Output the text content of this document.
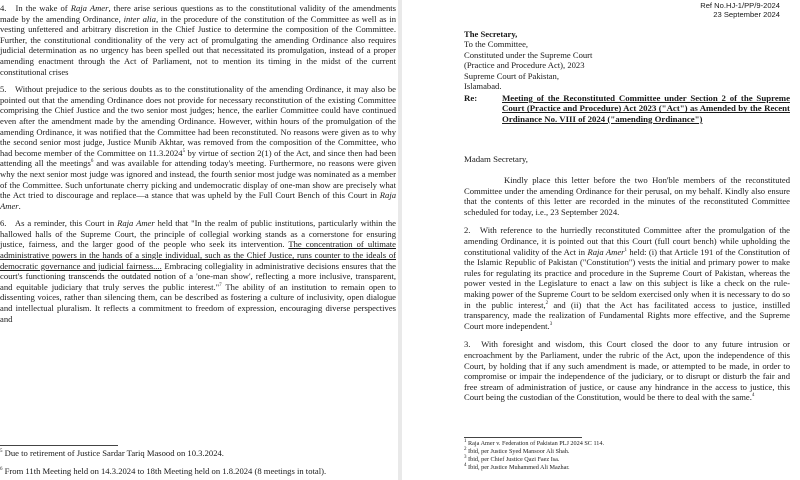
4. In the wake of Raja Amer, there arise serious questions as to the constitutional validity of the amendments made by the amending Ordinance, inter alia, in the procedure of the constitution of the Committee as well as in vesting unfettered and arbitrary discretion in the Chief Justice to determine the composition of the Committee. Further, the constitutional conditionality of the very act of promulgating the amending Ordinance also requires judicial determination as no urgency has been spelled out that necessitated its promulgation, instead of a proper amending enactment through the Act of Parliament, not to mention its timing in the midst of the current constitutional crises

5. Without prejudice to the serious doubts as to the constitutionality of the amending Ordinance, it may also be pointed out that the amending Ordinance does not provide for necessary reconstitution of the existing Committee comprising the Chief Justice and the two senior most judges; hence, the earlier Committee could have continued even after the amendment made by the amending Ordinance. However, within hours of the promulgation of the amending Ordinance, it was notified that the Committee had been reconstituted. No reasons were given as to why the second senior most judge, Justice Munib Akhtar, was removed from the composition of the Committee, who had become member of the Committee on 11.3.2024$^5$ by virtue of section 2(1) of the Act, and since then had been attending all the meetings$^6$ and was available for attending today's meeting. Furthermore, no reasons were given why the next senior most judge was ignored and instead, the fourth senior most judge was nominated as a member of the Committee. Such unfortunate cherry picking and undemocratic display of one-man show are precisely what the Act tried to discourage and replace—a stance that was upheld by the Full Court Bench of this Court in Raja Amer.

6. As a reminder, this Court in Raja Amer held that "In the realm of public institutions, particularly within the hallowed halls of the Supreme Court, the principle of collegial working stands as a cornerstone for ensuring justice, fairness, and the larger good of the people who seek its intervention. The concentration of ultimate administrative powers in the hands of a single individual, such as the Chief Justice, runs counter to the ideals of democratic governance and judicial fairness.... Embracing collegiality in administrative decisions ensures that the court's functioning transcends the outdated notion of a 'one-man show', reflecting a more inclusive, transparent, and equitable judiciary that truly serves the public interest."$^7$ The ability of an institution to remain open to dissenting voices, rather than silencing them, can be described as fostering a culture of inclusivity, open dialogue and intellectual pluralism. It reflects a commitment to freedom of expression, encouraging diverse perspectives and

$^5$ Due to retirement of Justice Sardar Tariq Masood on 10.3.2024.

$^6$ From 11th Meeting held on 14.3.2024 to 18th Meeting held on 1.8.2024 (8 meetings in total).

Ref No.HJ-1/PP/9-2024
23 September 2024
The Secretary,
To the Committee,
Constituted under the Supreme Court
(Practice and Procedure Act), 2023
Supreme Court of Pakistan,
Islamabad.
Re:	Meeting of the Reconstituted Committee under Section 2 of the Supreme Court (Practice and Procedure) Act 2023 ("Act") as Amended by the Recent Ordinance No. VIII of 2024 ("amending Ordinance")
Madam Secretary,

Kindly place this letter before the two Hon'ble members of the reconstituted Committee under the amending Ordinance for their perusal, on my behalf. Kindly also ensure that the contents of this letter are recorded in the minutes of the reconstituted Committee scheduled for today, i.e., 23 September 2024.

2. With reference to the hurriedly reconstituted Committee after the promulgation of the amending Ordinance, it is pointed out that this Court (full court bench) while upholding the constitutional validity of the Act in Raja Amer$^1$ held: (i) that Article 191 of the Constitution of the Islamic Republic of Pakistan ("Constitution") vests the initial and primary power to make rules for regulating its practice and procedure in the Supreme Court of Pakistan, whereas the power vested in the Legislature to enact a law on this subject is like a check on the rule-making power of the Supreme Court to be seldom exercised only when it is necessary to do so in the public interest,$^2$ and (ii) that the Act has facilitated access to justice, instilled transparency, made the realization of Fundamental Rights more effective, and the Supreme Court more independent.$^3$

3. With foresight and wisdom, this Court closed the door to any future intrusion or encroachment by the Parliament, under the rubric of the Act, upon the independence of this Court, by holding that if any such amendment is made, or attempted to be made, in order to compromise or impair the independence of the judiciary, or to disrupt or disturb the fair and free stream of administration of justice, or cause any hindrance in the access to justice, this Court being the custodian of the Constitution, would be there to deal with the same.$^4$

$^1$ Raja Amer v. Federation of Pakistan PLJ 2024 SC 114.

$^2$ Ibid, per Justice Syed Mansoor Ali Shah.

$^3$ Ibid, per Chief Justice Qazi Faez Isa.

$^4$ Ibid, per Justice Muhammed Ali Mazhar.
